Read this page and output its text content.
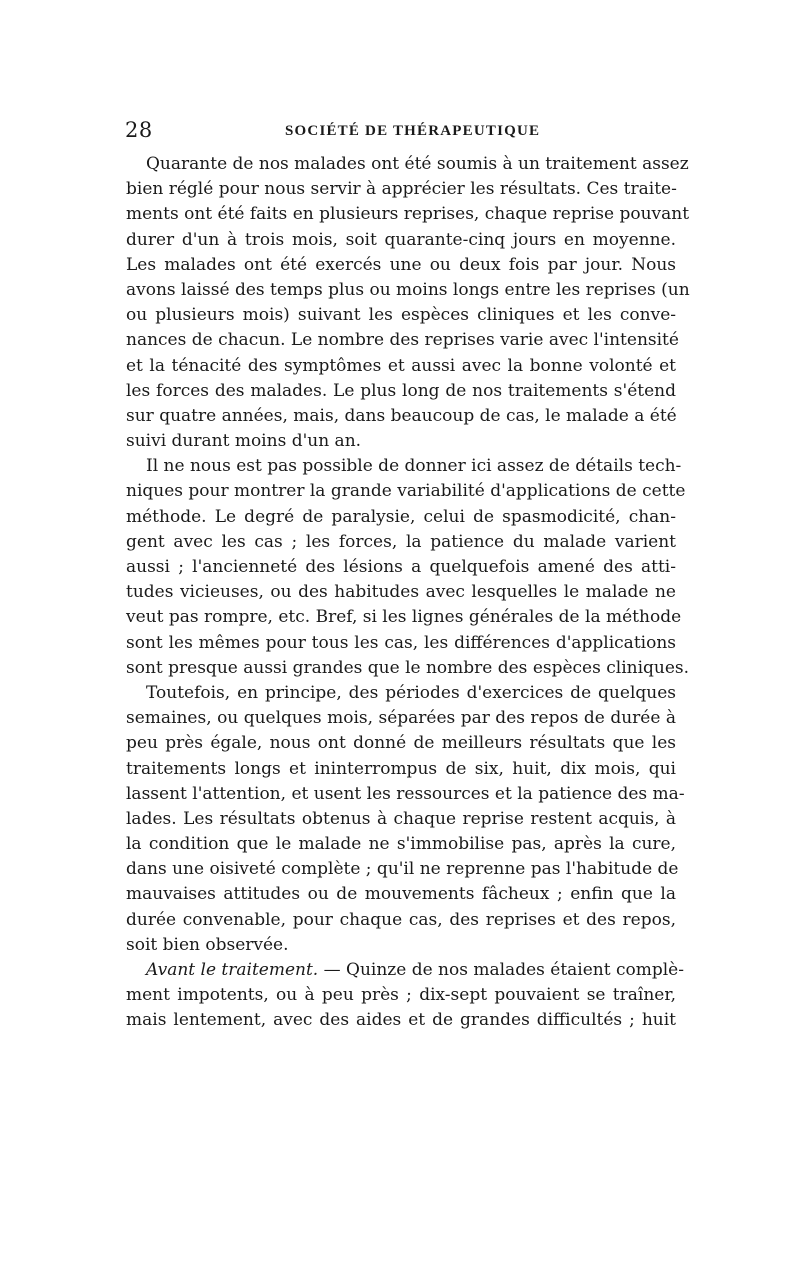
28	SOCIÉTÉ DE THÉRAPEUTIQUE
Quarante de nos malades ont été soumis à un traitement assez
bien réglé pour nous servir à apprécier les résultats. Ces traite-
ments ont été faits en plusieurs reprises, chaque reprise pouvant
durer d'un à trois mois, soit quarante-cinq jours en moyenne.
Les malades ont été exercés une ou deux fois par jour. Nous
avons laissé des temps plus ou moins longs entre les reprises (un
ou plusieurs mois) suivant les espèces cliniques et les conve-
nances de chacun. Le nombre des reprises varie avec l'intensité
et la ténacité des symptômes et aussi avec la bonne volonté et
les forces des malades. Le plus long de nos traitements s'étend
sur quatre années, mais, dans beaucoup de cas, le malade a été
suivi durant moins d'un an.
Il ne nous est pas possible de donner ici assez de détails tech-
niques pour montrer la grande variabilité d'applications de cette
méthode. Le degré de paralysie, celui de spasmodicité, chan-
gent avec les cas ; les forces, la patience du malade varient
aussi ; l'ancienneté des lésions a quelquefois amené des atti-
tudes vicieuses, ou des habitudes avec lesquelles le malade ne
veut pas rompre, etc. Bref, si les lignes générales de la méthode
sont les mêmes pour tous les cas, les différences d'applications
sont presque aussi grandes que le nombre des espèces cliniques.
Toutefois, en principe, des périodes d'exercices de quelques
semaines, ou quelques mois, séparées par des repos de durée à
peu près égale, nous ont donné de meilleurs résultats que les
traitements longs et ininterrompus de six, huit, dix mois, qui
lassent l'attention, et usent les ressources et la patience des ma-
lades. Les résultats obtenus à chaque reprise restent acquis, à
la condition que le malade ne s'immobilise pas, après la cure,
dans une oisiveté complète ; qu'il ne reprenne pas l'habitude de
mauvaises attitudes ou de mouvements fâcheux ; enfin que la
durée convenable, pour chaque cas, des reprises et des repos,
soit bien observée.
Avant le traitement. — Quinze de nos malades étaient complè-
ment impotents, ou à peu près ; dix-sept pouvaient se traîner,
mais lentement, avec des aides et de grandes difficultés ; huit
